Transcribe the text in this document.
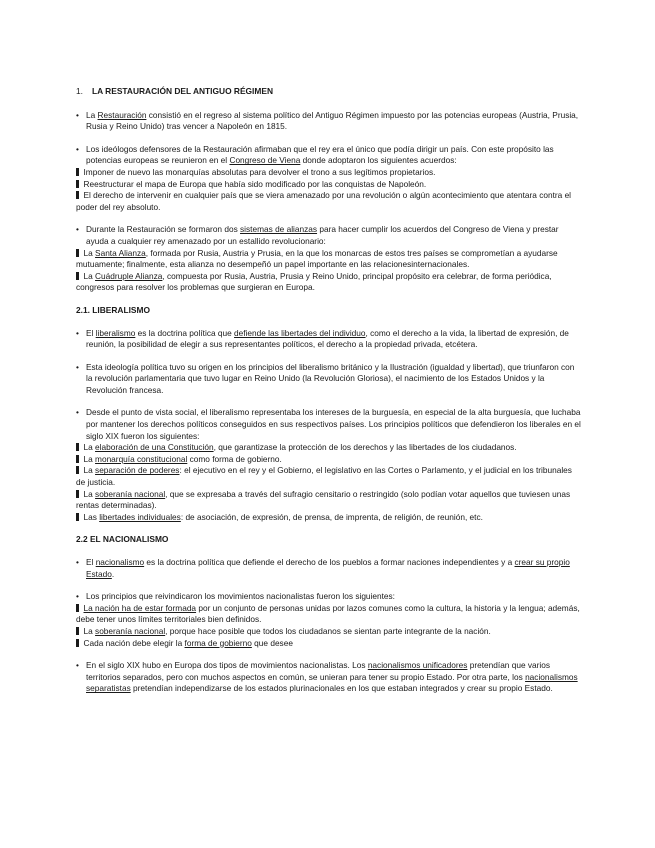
1.	LA RESTAURACIÓN DEL ANTIGUO RÉGIMEN
• La Restauración consistió en el regreso al sistema político del Antiguo Régimen impuesto por las potencias europeas (Austria, Prusia, Rusia y Reino Unido) tras vencer a Napoleón en 1815.
• Los ideólogos defensores de la Restauración afirmaban que el rey era el único que podía dirigir un país. Con este propósito las potencias europeas se reunieron en el Congreso de Viena donde adoptaron los siguientes acuerdos:
Imponer de nuevo las monarquías absolutas para devolver el trono a sus legítimos propietarios.
Reestructurar el mapa de Europa que había sido modificado por las conquistas de Napoleón.
El derecho de intervenir en cualquier país que se viera amenazado por una revolución o algún acontecimiento que atentara contra el poder del rey absoluto.
• Durante la Restauración se formaron dos sistemas de alianzas para hacer cumplir los acuerdos del Congreso de Viena y prestar ayuda a cualquier rey amenazado por un estallido revolucionario:
La Santa Alianza, formada por Rusia, Austria y Prusia, en la que los monarcas de estos tres países se comprometían a ayudarse mutuamente; finalmente, esta alianza no desempeñó un papel importante en las relacionesinternacionales.
La Cuádruple Alianza, compuesta por Rusia, Austria, Prusia y Reino Unido, principal propósito era celebrar, de forma periódica, congresos para resolver los problemas que surgieran en Europa.
2.1. LIBERALISMO
• El liberalismo es la doctrina política que defiende las libertades del individuo, como el derecho a la vida, la libertad de expresión, de reunión, la posibilidad de elegir a sus representantes políticos, el derecho a la propiedad privada, etcétera.
• Esta ideología política tuvo su origen en los principios del liberalismo británico y la Ilustración (igualdad y libertad), que triunfaron con la revolución parlamentaria que tuvo lugar en Reino Unido (la Revolución Gloriosa), el nacimiento de los Estados Unidos y la Revolución francesa.
• Desde el punto de vista social, el liberalismo representaba los intereses de la burguesía, en especial de la alta burguesía, que luchaba por mantener los derechos políticos conseguidos en sus respectivos países. Los principios políticos que defendieron los liberales en el siglo XIX fueron los siguientes:
La elaboración de una Constitución, que garantizase la protección de los derechos y las libertades de los ciudadanos.
La monarquía constitucional como forma de gobierno.
La separación de poderes: el ejecutivo en el rey y el Gobierno, el legislativo en las Cortes o Parlamento, y el judicial en los tribunales de justicia.
La soberanía nacional, que se expresaba a través del sufragio censitario o restringido (solo podían votar aquellos que tuviesen unas rentas determinadas).
Las libertades individuales: de asociación, de expresión, de prensa, de imprenta, de religión, de reunión, etc.
2.2 EL NACIONALISMO
• El nacionalismo es la doctrina política que defiende el derecho de los pueblos a formar naciones independientes y a crear su propio Estado.
• Los principios que reivindicaron los movimientos nacionalistas fueron los siguientes:
La nación ha de estar formada por un conjunto de personas unidas por lazos comunes como la cultura, la historia y la lengua; además, debe tener unos límites territoriales bien definidos.
La soberanía nacional, porque hace posible que todos los ciudadanos se sientan parte integrante de la nación.
Cada nación debe elegir la forma de gobierno que desee
• En el siglo XIX hubo en Europa dos tipos de movimientos nacionalistas. Los nacionalismos unificadores pretendían que varios territorios separados, pero con muchos aspectos en común, se unieran para tener su propio Estado. Por otra parte, los nacionalismos separatistas pretendían independizarse de los estados plurinacionales en los que estaban integrados y crear su propio Estado.
